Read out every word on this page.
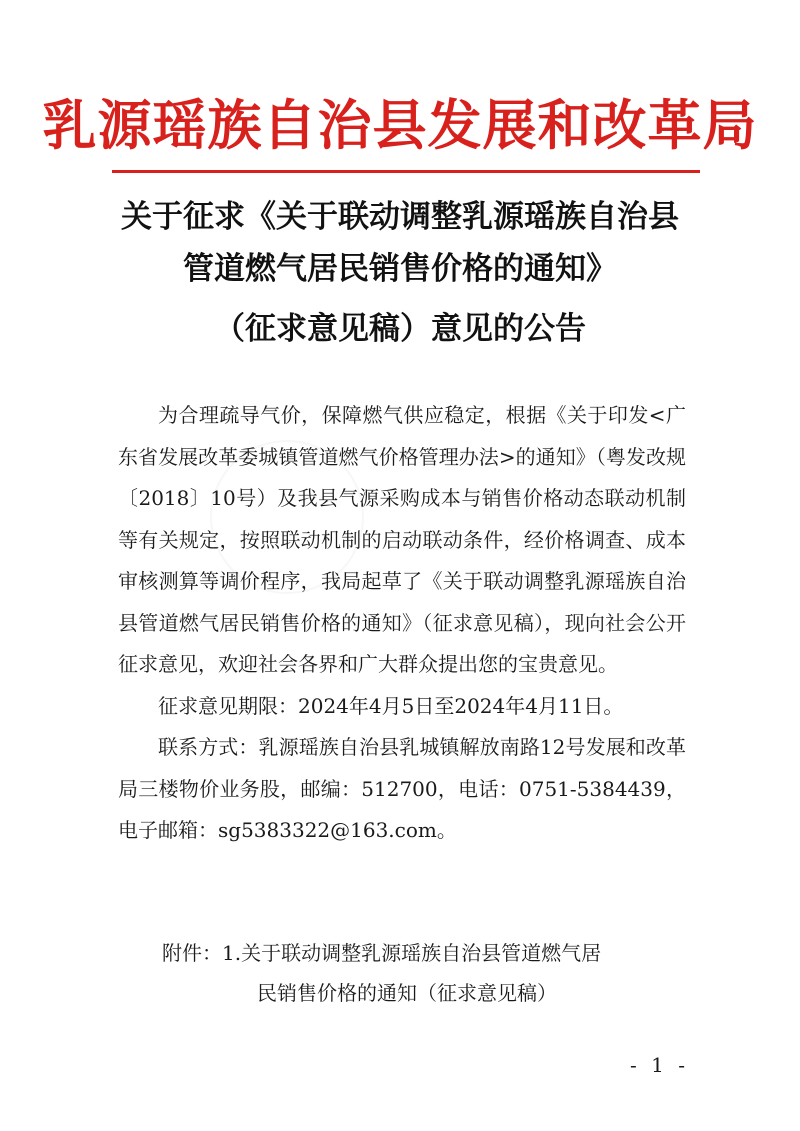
乳源瑶族自治县发展和改革局
关于征求《关于联动调整乳源瑶族自治县
管道燃气居民销售价格的通知》
（征求意见稿）意见的公告

为合理疏导气价，保障燃气供应稳定，根据《关于印发<广东省发展改革委城镇管道燃气价格管理办法>的通知》（粤发改规〔2018〕10号）及我县气源采购成本与销售价格动态联动机制等有关规定，按照联动机制的启动联动条件，经价格调查、成本审核测算等调价程序，我局起草了《关于联动调整乳源瑶族自治县管道燃气居民销售价格的通知》（征求意见稿），现向社会公开征求意见，欢迎社会各界和广大群众提出您的宝贵意见。

征求意见期限：2024年4月5日至2024年4月11日。

联系方式：乳源瑶族自治县乳城镇解放南路12号发展和改革局三楼物价业务股，邮编：512700，电话：0751-5384439，电子邮箱：sg5383322@163.com。

附件：1.关于联动调整乳源瑶族自治县管道燃气居
民销售价格的通知（征求意见稿）
- 1 -
